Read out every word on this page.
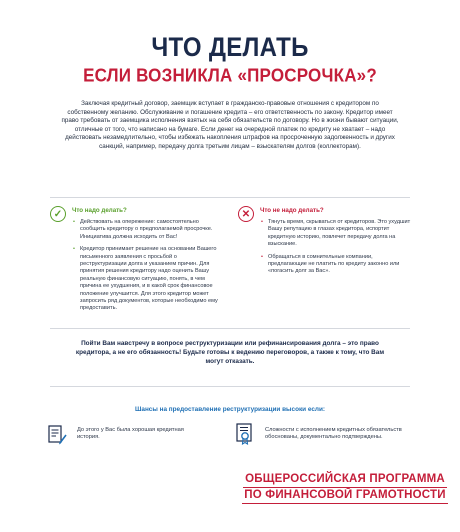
ЧТО ДЕЛАТЬ
ЕСЛИ ВОЗНИКЛА «ПРОСРОЧКА»?
Заключая кредитный договор, заемщик вступает в гражданско-правовые отношения с кредитором по собственному желанию. Обслуживание и погашение кредита – его ответственность по закону. Кредитор имеет право требовать от заемщика исполнения взятых на себя обязательств по договору. Но в жизни бывают ситуации, отличные от того, что написано на бумаге. Если денег на очередной платеж по кредиту не хватает – надо действовать незамедлительно, чтобы избежать накопления штрафов на просроченную задолженность и других санкций, например, передачу долга третьим лицам – взыскателям долгов (коллекторам).
✓	Что надо делать?
• Действовать на опережение: самостоятельно сообщить кредитору о предполагаемой просрочке. Инициатива должна исходить от Вас!
• Кредитор принимает решение на основании Вашего письменного заявления с просьбой о реструктуризации долга и указанием причин. Для принятия решения кредитору надо оценить Вашу реальную финансовую ситуацию, понять, в чем причина ее ухудшения, и в какой срок финансовое положение улучшится. Для этого кредитор может запросить ряд документов, которые необходимо ему предоставить.
✕	Что не надо делать?
• Тянуть время, скрываться от кредиторов. Это ухудшит Вашу репутацию в глазах кредитора, испортит кредитную историю, повлечет передачу долга на взыскание.
• Обращаться в сомнительные компании, предлагающие не платить по кредиту законно или «погасить долг за Вас».
Пойти Вам навстречу в вопросе реструктуризации или рефинансирования долга – это право кредитора, а не его обязанность! Будьте готовы к ведению переговоров, а также к тому, что Вам могут отказать.
Шансы на предоставление реструктуризации высоки если:
До этого у Вас была хорошая кредитная история.
Сложности с исполнением кредитных обязательств обоснованы, документально подтверждены.
ОБЩЕРОССИЙСКАЯ ПРОГРАММА
ПО ФИНАНСОВОЙ ГРАМОТНОСТИ
